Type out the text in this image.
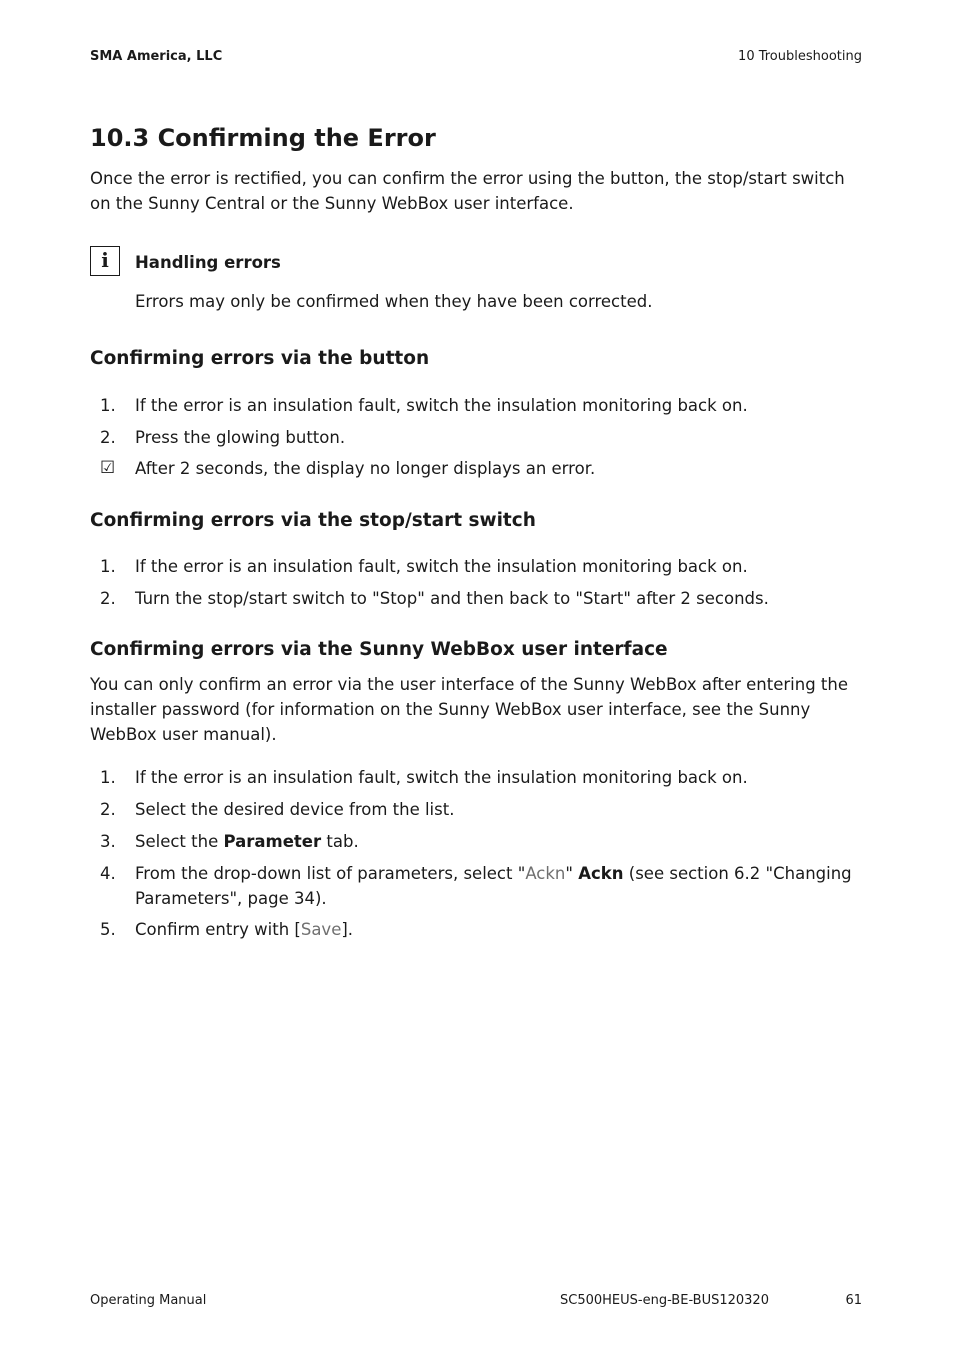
SMA America, LLC	10 Troubleshooting
10.3 Confirming the Error

Once the error is rectified, you can confirm the error using the button, the stop/start switch on the Sunny Central or the Sunny WebBox user interface.

i	Handling errors
Errors may only be confirmed when they have been corrected.
Confirming errors via the button
1. If the error is an insulation fault, switch the insulation monitoring back on.
2. Press the glowing button.
☑ After 2 seconds, the display no longer displays an error.
Confirming errors via the stop/start switch
1. If the error is an insulation fault, switch the insulation monitoring back on.
2. Turn the stop/start switch to "Stop" and then back to "Start" after 2 seconds.
Confirming errors via the Sunny WebBox user interface

You can only confirm an error via the user interface of the Sunny WebBox after entering the installer password (for information on the Sunny WebBox user interface, see the Sunny WebBox user manual).

1. If the error is an insulation fault, switch the insulation monitoring back on.
2. Select the desired device from the list.
3. Select the Parameter tab.
4. From the drop-down list of parameters, select "Ackn" Ackn (see section 6.2 "Changing
Parameters", page 34).
5. Confirm entry with [Save].
Operating Manual	SC500HEUS-eng-BE-BUS120320	61
